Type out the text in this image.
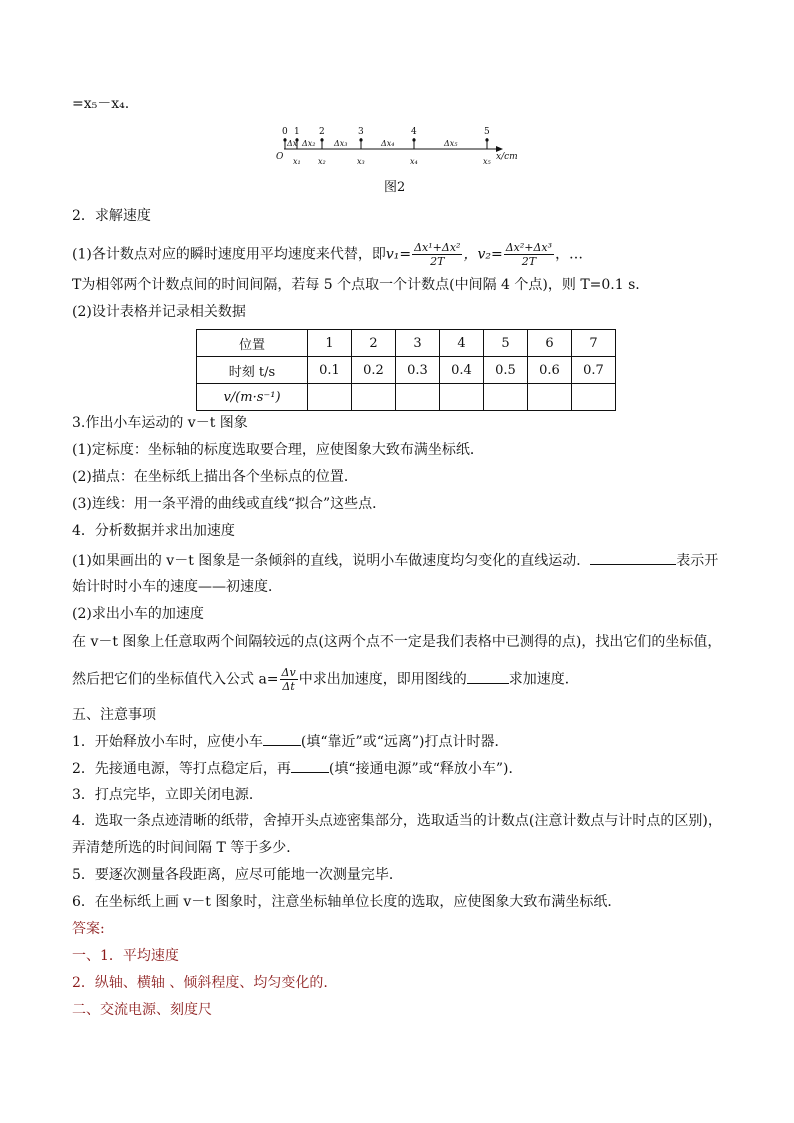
=x₅－x₄.
0 1 2	3	4	5
Δx Δx₂ Δx₃	Δx₄	Δx₅
O x₁ x₂	x₃	x₄	x₅ x/cm
图2
2．求解速度
(1)各计数点对应的瞬时速度用平均速度来代替，即$v_1= \frac{\text{Δx¹+Δx²}}{2T}$ ，$v_2= \frac{\text{Δx²+Δx³}}{2T}$ ，…
T为相邻两个计数点间的时间间隔，若每 5 个点取一个计数点(中间隔 4 个点)，则 T=0.1 s.
(2)设计表格并记录相关数据
位置	1	2	3	4	5	6	7
时刻 t/s	0.1	0.2	0.3	0.4	0.5	0.6	0.7
v/(m·s⁻¹)							
3.作出小车运动的 v－t 图象
(1)定标度：坐标轴的标度选取要合理，应使图象大致布满坐标纸．
(2)描点：在坐标纸上描出各个坐标点的位置．
(3)连线：用一条平滑的曲线或直线“拟合”这些点．
4．分析数据并求出加速度
(1)如果画出的 v－t 图象是一条倾斜的直线，说明小车做速度均匀变化的直线运动．	表示开
始计时时小车的速度——初速度．
(2)求出小车的加速度
在 v－t 图象上任意取两个间隔较远的点(这两个点不一定是我们表格中已测得的点)，找出它们的坐标值，
然后把它们的坐标值代入公式 $a= \frac{\Delta v}{\Delta t}$ 中求出加速度，即用图线的	求加速度．
五、注意事项
1．开始释放小车时，应使小车	(填“靠近”或“远离”)打点计时器．
2．先接通电源，等打点稳定后，再	(填“接通电源”或“释放小车”)．
3．打点完毕，立即关闭电源．
4．选取一条点迹清晰的纸带，舍掉开头点迹密集部分，选取适当的计数点(注意计数点与计时点的区别)，
弄清楚所选的时间间隔 T 等于多少．
5．要逐次测量各段距离，应尽可能地一次测量完毕．
6．在坐标纸上画 v－t 图象时，注意坐标轴单位长度的选取，应使图象大致布满坐标纸．
答案:
一、1．平均速度
2．纵轴、横轴 、倾斜程度、均匀变化的.
二、交流电源、刻度尺
